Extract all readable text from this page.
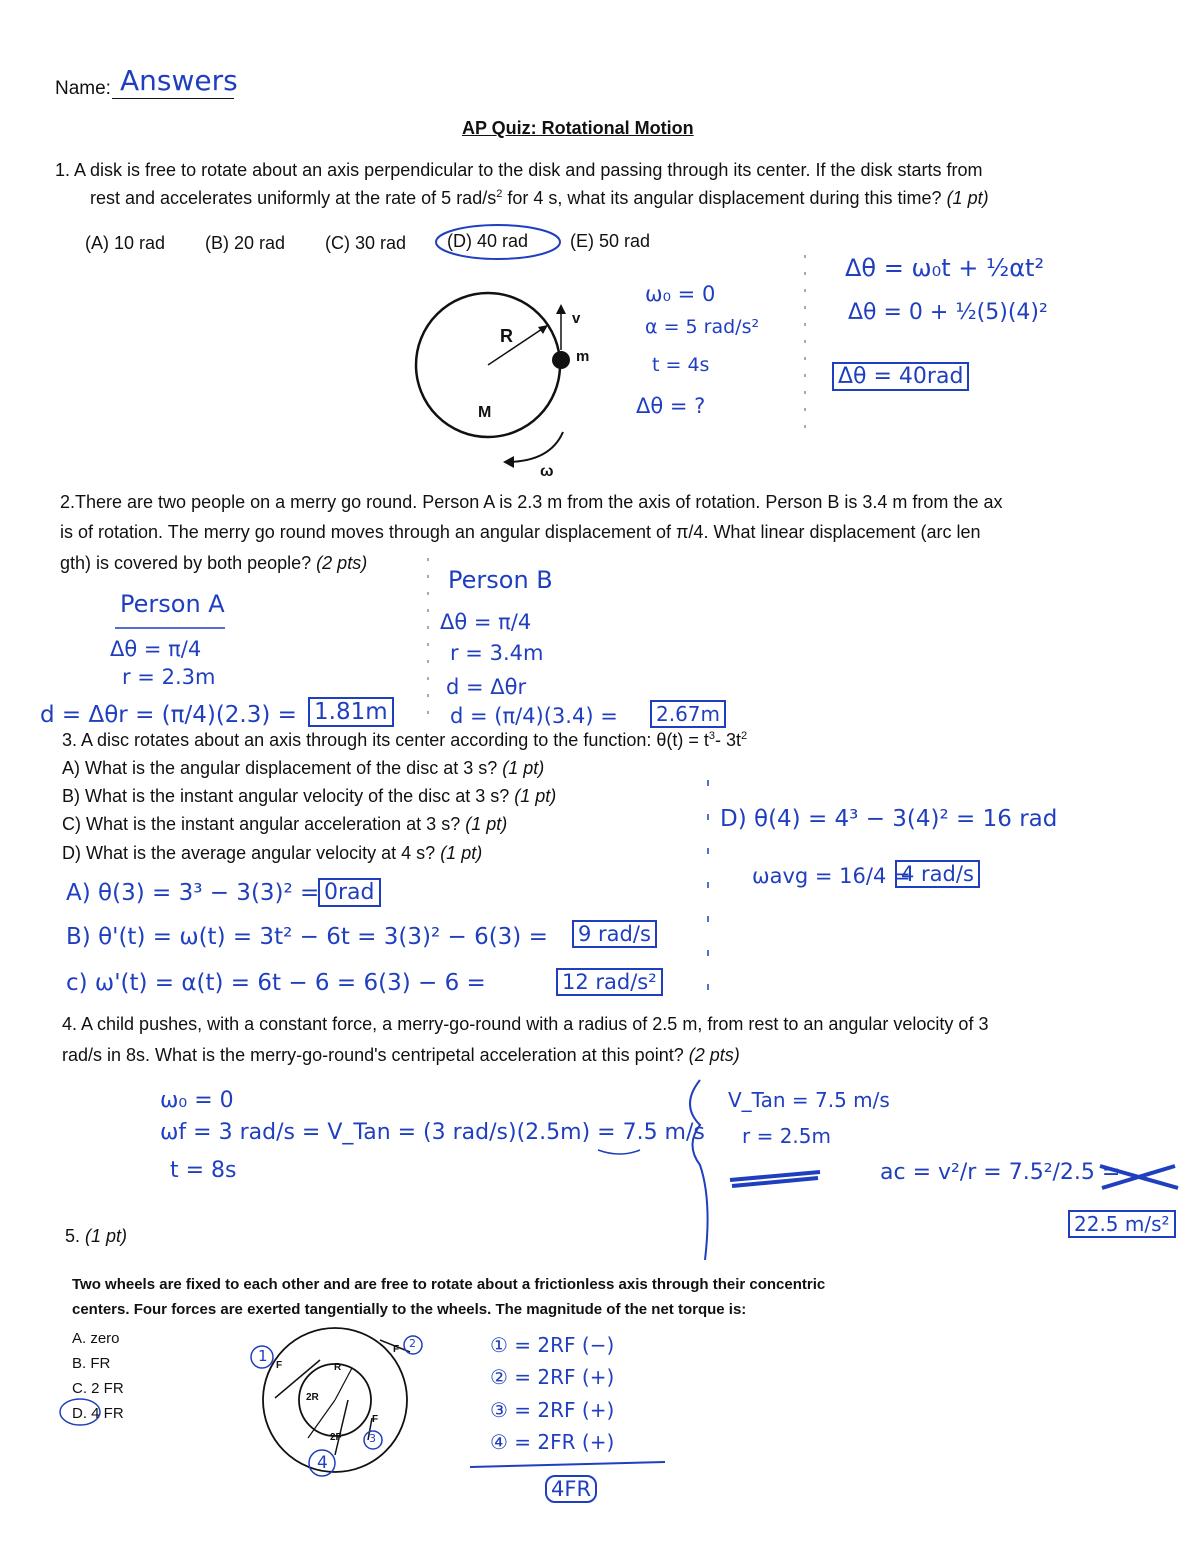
Name: Answers
AP Quiz: Rotational Motion
1. A disk is free to rotate about an axis perpendicular to the disk and passing through its center. If the disk starts from
rest and accelerates uniformly at the rate of 5 rad/$s^2$ for 4 s, what its angular displacement during this time? (1 pt)
(A) 10 rad (B) 20 rad (C) 30 rad (D) 40 rad (E) 50 rad
R
v
m
M
ω
ω₀ = 0
α = 5 rad/s²
t = 4s
Δθ = ?
Δθ = ω₀t + ½αt²
Δθ = 0 + ½(5)(4)²
Δθ = 40rad
2.There are two people on a merry go round. Person A is 2.3 m from the axis of rotation. Person B is 3.4 m from the ax
is of rotation. The merry go round moves through an angular displacement of π/4. What linear displacement (arc len
gth) is covered by both people? (2 pts)
Person A
Δθ = π/4
r = 2.3m
d = Δθr = (π/4)(2.3) = 1.81m
Person B
Δθ = π/4
r = 3.4m
d = Δθr
d = (π/4)(3.4) =	2.67m
3. A disc rotates about an axis through its center according to the function: $\theta(t) = t^3-$ $3t^2$
A) What is the angular displacement of the disc at 3 s? (1 pt)
B) What is the instant angular velocity of the disc at 3 s? (1 pt)
C) What is the instant angular acceleration at 3 s? (1 pt)
D) What is the average angular velocity at 4 s? (1 pt)
A) θ(3) = 3³ − 3(3)² = 0rad
B) θ'(t) = ω(t) = 3t² − 6t = 3(3)² − 6(3) = 9 rad/s
c) ω'(t) = α(t) = 6t − 6 = 6(3) − 6 =	12 rad/s²
D) θ(4) = 4³ − 3(4)² = 16 rad
ωavg = 16/4 =
4 rad/s
4. A child pushes, with a constant force, a merry-go-round with a radius of 2.5 m, from rest to an angular velocity of 3
rad/s in 8s. What is the merry-go-round's centripetal acceleration at this point? (2 pts)
ω₀ = 0
ωf = 3 rad/s = V_Tan = (3 rad/s)(2.5m) = 7.5 m/s
t = 8s
V_Tan = 7.5 m/s
r = 2.5m
ac = v²/r = 7.5²/2.5 =
22.5 m/s²
5. (1 pt)
Two wheels are fixed to each other and are free to rotate about a frictionless axis through their concentric
centers. Four forces are exerted tangentially to the wheels. The magnitude of the net torque is:
A. zero
B. FR
C. 2 FR
D. 4 FR
F
F
F
R
2R
2F
1
2
3
4
① = 2RF (−)
② = 2RF (+)
③ = 2RF (+)
④ = 2FR (+)
4FR
